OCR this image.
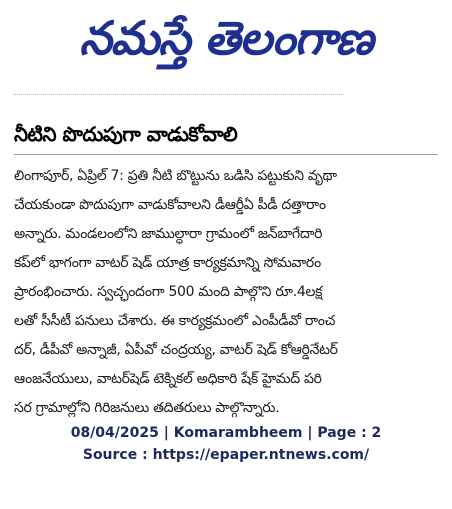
నమస్తే తెలంగాణ
నీటిని పొదుపుగా వాడుకోవాలి
లింగాపూర్, ఏప్రిల్ 7: ప్రతి నీటి బొట్టును ఒడిసి పట్టుకుని వృథా
చేయకుండా పొదుపుగా వాడుకోవాలని డీఆర్డీఏ పీడీ దత్తారాం
అన్నారు. మండలంలోని జాముల్ధారా గ్రామంలో జన్‌బాగేదారి
కప్‌లో భాగంగా వాటర్ షెడ్ యాత్ర కార్యక్రమాన్ని సోమవారం
ప్రారంభించారు. స్వచ్ఛందంగా 500 మంది పాల్గొని రూ.4లక్ష
లతో సీసీటీ పనులు చేశారు. ఈ కార్యక్రమంలో ఎంపీడీవో రాంచ
దర్, డీపీవో అన్నాజీ, ఏపీవో చంద్రయ్య, వాటర్ షెడ్ కోఆర్డినేటర్
ఆంజనేయులు, వాటర్‌షెడ్ టెక్నికల్ అధికారి షేక్ హైమద్ పరి
సర గ్రామాల్లోని గిరిజనులు తదితరులు పాల్గొన్నారు.
08/04/2025 | Komarambheem | Page : 2
Source : https://epaper.ntnews.com/
